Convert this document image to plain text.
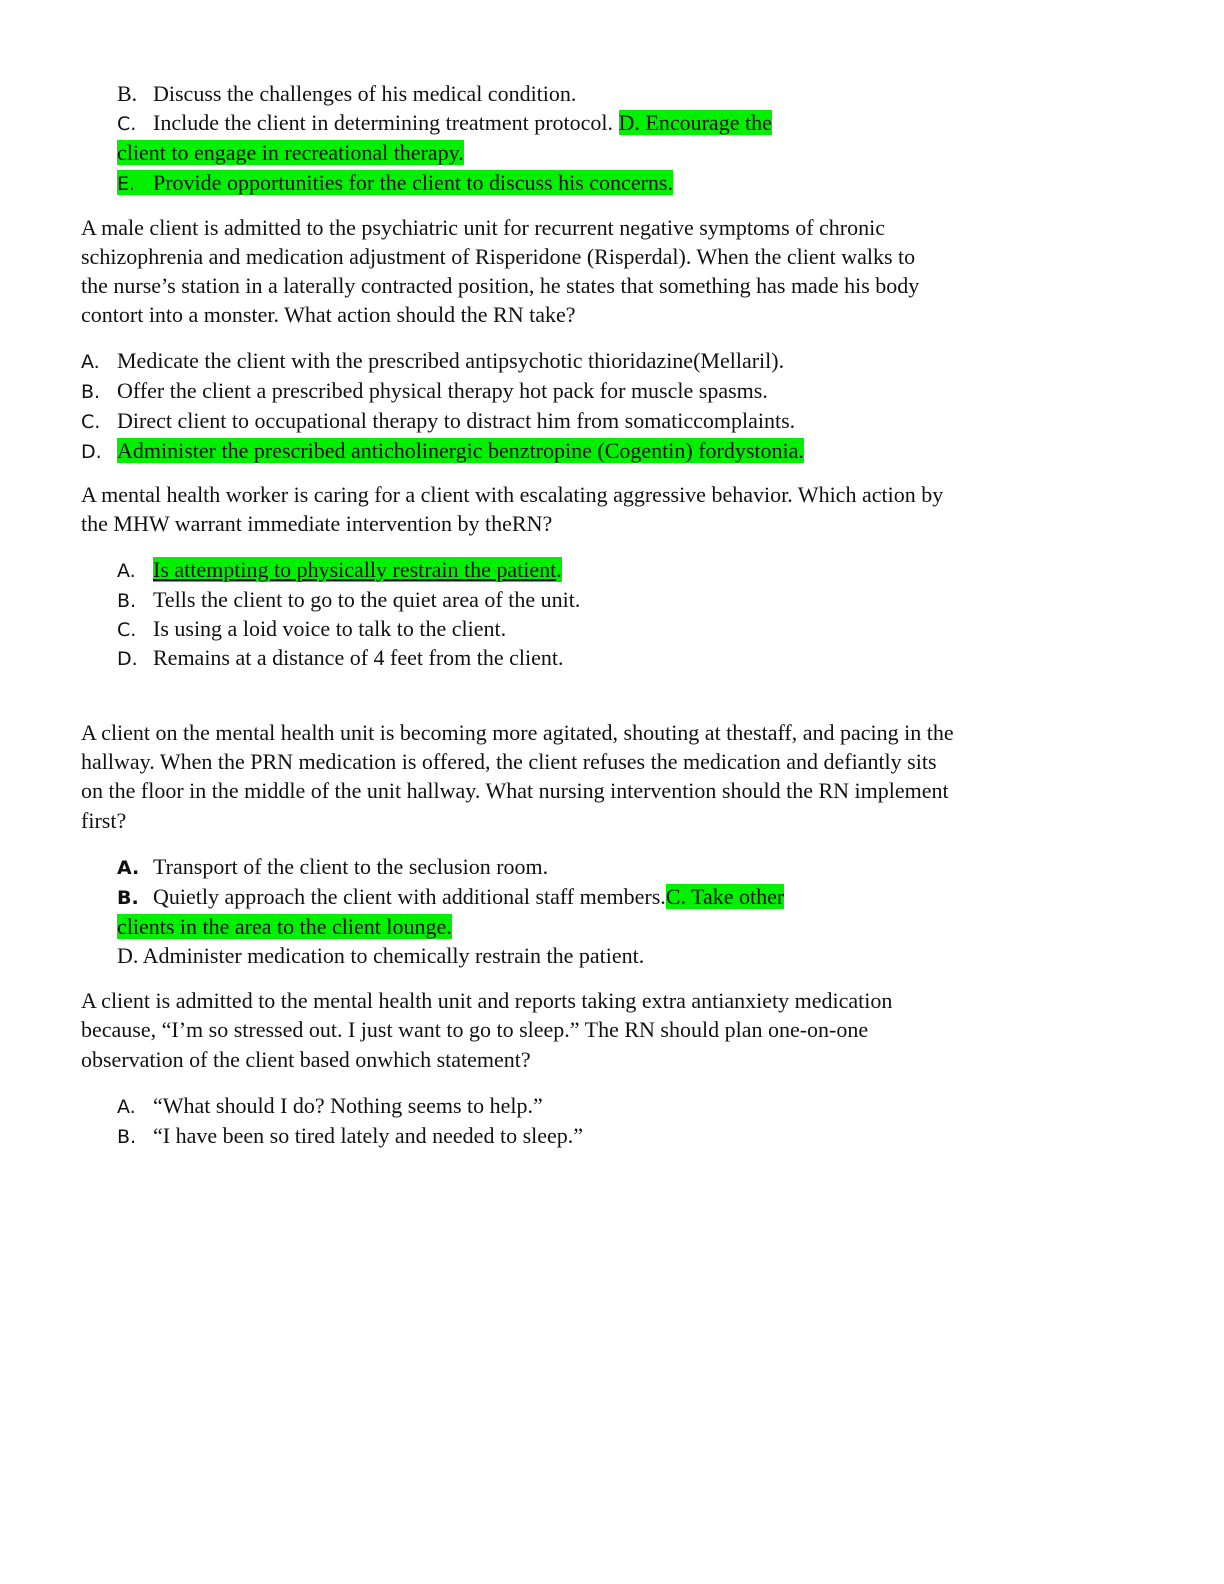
B. Discuss the challenges of his medical condition.
C. Include the client in determining treatment protocol. D. Encourage the
client to engage in recreational therapy.
E. Provide opportunities for the client to discuss his concerns.
A male client is admitted to the psychiatric unit for recurrent negative symptoms of chronic
schizophrenia and medication adjustment of Risperidone (Risperdal). When the client walks to
the nurse’s station in a laterally contracted position, he states that something has made his body
contort into a monster. What action should the RN take?
A. Medicate the client with the prescribed antipsychotic thioridazine(Mellaril).
B. Offer the client a prescribed physical therapy hot pack for muscle spasms.
C. Direct client to occupational therapy to distract him from somaticcomplaints.
D. Administer the prescribed anticholinergic benztropine (Cogentin) fordystonia.
A mental health worker is caring for a client with escalating aggressive behavior. Which action by
the MHW warrant immediate intervention by theRN?
A. Is attempting to physically restrain the patient.
B. Tells the client to go to the quiet area of the unit.
C. Is using a loid voice to talk to the client.
D. Remains at a distance of 4 feet from the client.
A client on the mental health unit is becoming more agitated, shouting at thestaff, and pacing in the
hallway. When the PRN medication is offered, the client refuses the medication and defiantly sits
on the floor in the middle of the unit hallway. What nursing intervention should the RN implement
first?
A. Transport of the client to the seclusion room.
B. Quietly approach the client with additional staff members.C. Take other
clients in the area to the client lounge.
D. Administer medication to chemically restrain the patient.
A client is admitted to the mental health unit and reports taking extra antianxiety medication
because, “I’m so stressed out. I just want to go to sleep.” The RN should plan one-on-one
observation of the client based onwhich statement?
A. “What should I do? Nothing seems to help.”
B. “I have been so tired lately and needed to sleep.”
